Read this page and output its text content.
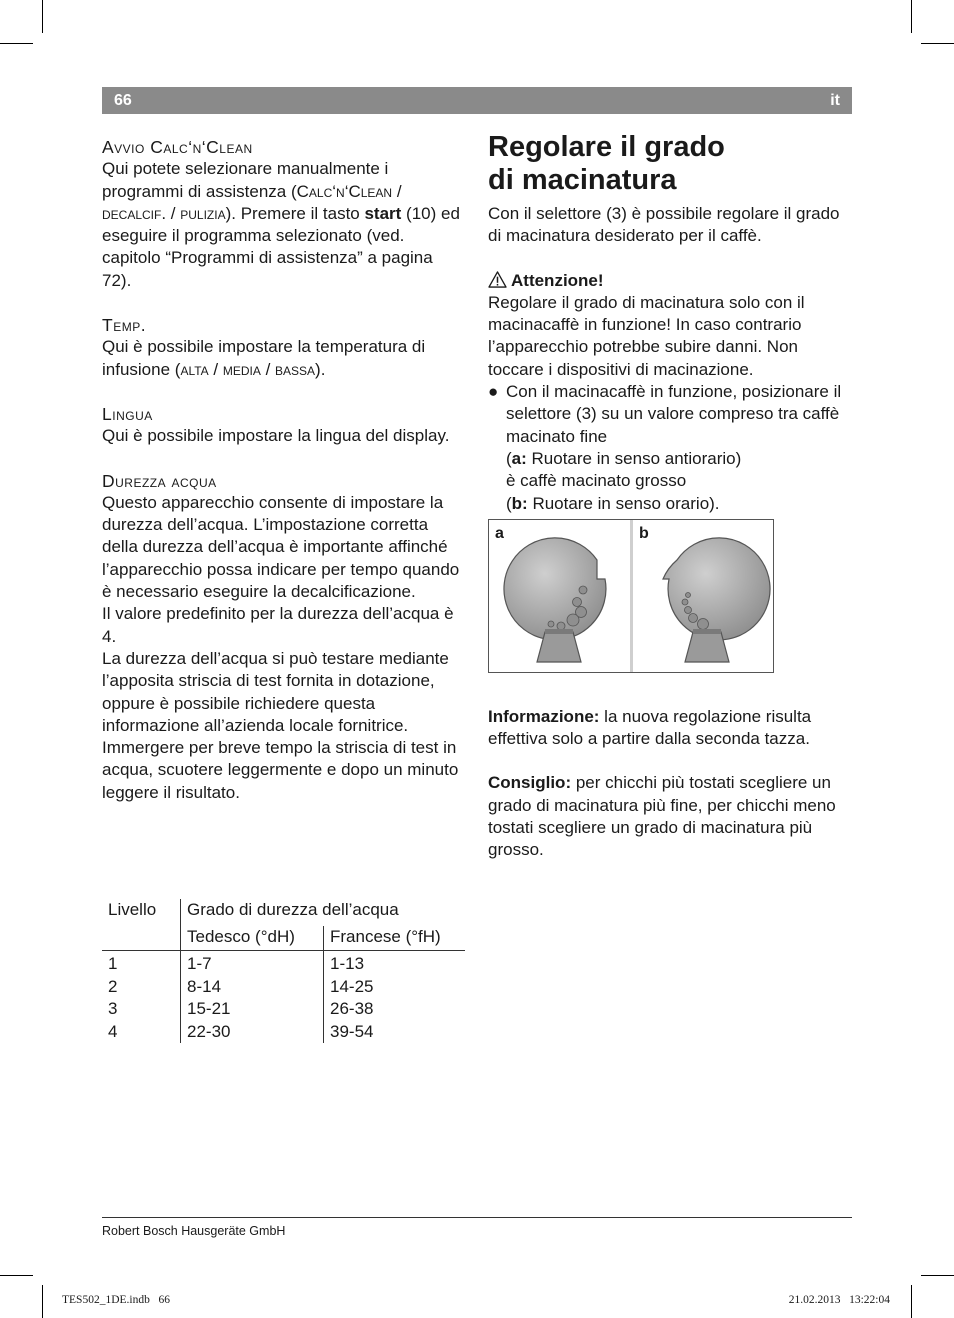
66	it

Avvio Calc‘n‘Clean

Qui potete selezionare manualmente i programmi di assistenza (Calc‘n‘Clean / decalcif. / pulizia). Premere il tasto start (10) ed eseguire il programma selezionato (ved. capitolo “Programmi di assistenza” a pagina 72).

Temp.

Qui è possibile impostare la temperatura di infusione (alta / media / bassa).

Lingua

Qui è possibile impostare la lingua del display.

Durezza acqua

Questo apparecchio consente di impostare la durezza dell’acqua. L’impostazione corretta della durezza dell’acqua è importante affinché l’apparecchio possa indicare per tempo quando è necessario eseguire la decalcificazione.

Il valore predefinito per la durezza dell’acqua è 4.

La durezza dell’acqua si può testare mediante l’apposita striscia di test fornita in dotazione, oppure è possibile richiedere questa informazione all’azienda locale fornitrice.

Immergere per breve tempo la striscia di test in acqua, scuotere leggermente e dopo un minuto leggere il risultato.

Livello	Grado di durezza dell’acqua	
	Tedesco (°dH)	Francese (°fH)
1	1-7	1-13
2	8-14	14-25
3	15-21	26-38
4	22-30	39-54
Regolare il grado
di macinatura

Con il selettore (3) è possibile regolare il grado di macinatura desiderato per il caffè.

Attenzione!

Regolare il grado di macinatura solo con il macinacaffè in funzione! In caso contrario l’apparecchio potrebbe subire danni. Non toccare i dispositivi di macinazione.

● Con il macinacaffè in funzione, posizionare il selettore (3) su un valore compreso tra caffè macinato fine

(a: Ruotare in senso antiorario)

è caffè macinato grosso

(b: Ruotare in senso orario).

a	b

Informazione: la nuova regolazione risulta effettiva solo a partire dalla seconda tazza.

Consiglio: per chicchi più tostati scegliere un grado di macinatura più fine, per chicchi meno tostati scegliere un grado di macinatura più grosso.

Robert Bosch Hausgeräte GmbH
TES502_1DE.indb   66	21.02.2013   13:22:04
